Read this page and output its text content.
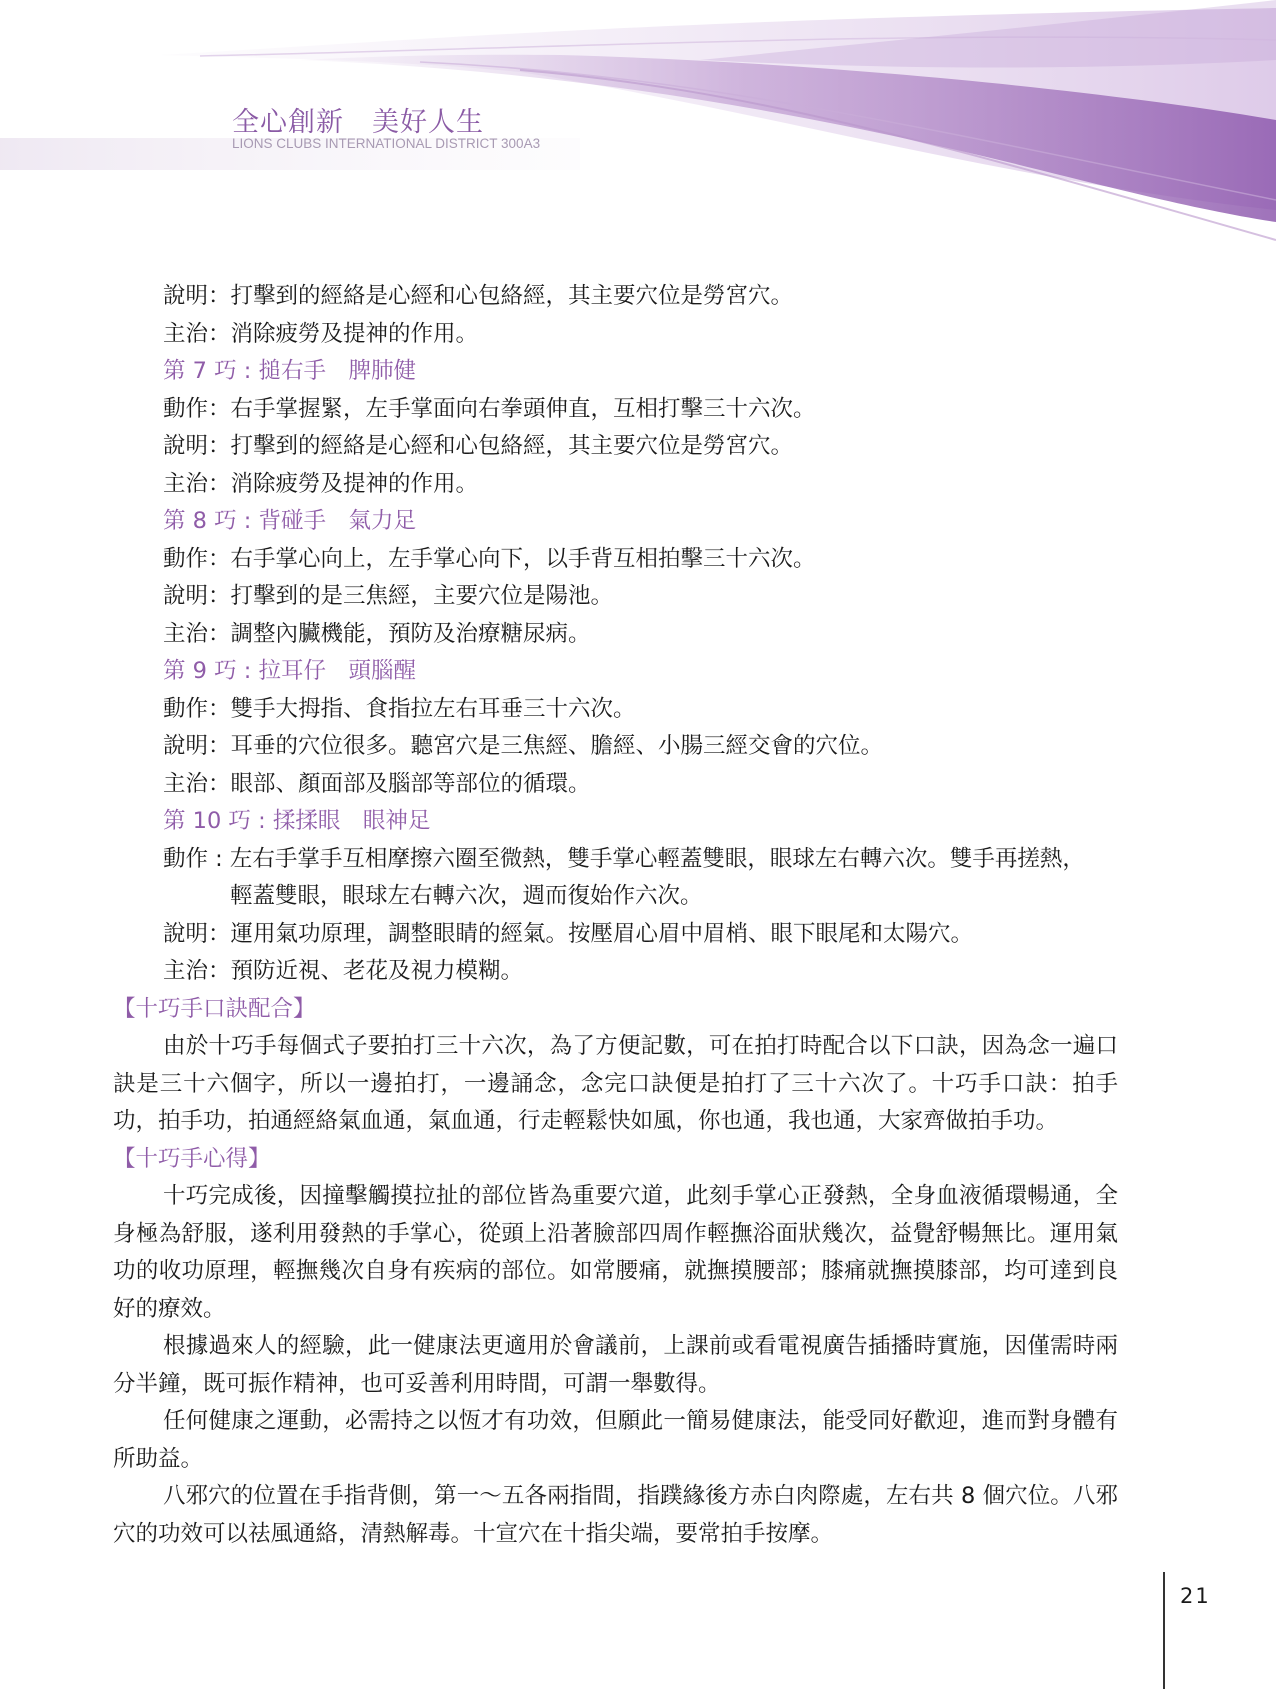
全心創新　美好人生
LIONS CLUBS INTERNATIONAL DISTRICT 300A3
說明：打擊到的經絡是心經和心包絡經，其主要穴位是勞宮穴。
主治：消除疲勞及提神的作用。
第 7 巧 : 搥右手　脾肺健
動作：右手掌握緊，左手掌面向右拳頭伸直，互相打擊三十六次。
說明：打擊到的經絡是心經和心包絡經，其主要穴位是勞宮穴。
主治：消除疲勞及提神的作用。
第 8 巧 : 背碰手　氣力足
動作：右手掌心向上，左手掌心向下，以手背互相拍擊三十六次。
說明：打擊到的是三焦經，主要穴位是陽池。
主治：調整內臟機能，預防及治療糖尿病。
第 9 巧 : 拉耳仔　頭腦醒
動作：雙手大拇指、食指拉左右耳垂三十六次。
說明：耳垂的穴位很多。聽宮穴是三焦經、膽經、小腸三經交會的穴位。
主治：眼部、顏面部及腦部等部位的循環。
第 10 巧 : 揉揉眼　眼神足
動作 : 左右手掌手互相摩擦六圈至微熱，雙手掌心輕蓋雙眼，眼球左右轉六次。雙手再搓熱，
輕蓋雙眼，眼球左右轉六次，週而復始作六次。
說明：運用氣功原理，調整眼睛的經氣。按壓眉心眉中眉梢、眼下眼尾和太陽穴。
主治：預防近視、老花及視力模糊。
【十巧手口訣配合】
由於十巧手每個式子要拍打三十六次，為了方便記數，可在拍打時配合以下口訣，因為念一遍口訣是三十六個字，所以一邊拍打，一邊誦念，念完口訣便是拍打了三十六次了。十巧手口訣：拍手功，拍手功，拍通經絡氣血通，氣血通，行走輕鬆快如風，你也通，我也通，大家齊做拍手功。
【十巧手心得】
十巧完成後，因撞擊觸摸拉扯的部位皆為重要穴道，此刻手掌心正發熱，全身血液循環暢通，全身極為舒服，遂利用發熱的手掌心，從頭上沿著臉部四周作輕撫浴面狀幾次，益覺舒暢無比。運用氣功的收功原理，輕撫幾次自身有疾病的部位。如常腰痛，就撫摸腰部；膝痛就撫摸膝部，均可達到良好的療效。
根據過來人的經驗，此一健康法更適用於會議前，上課前或看電視廣告插播時實施，因僅需時兩分半鐘，既可振作精神，也可妥善利用時間，可謂一舉數得。
任何健康之運動，必需持之以恆才有功效，但願此一簡易健康法，能受同好歡迎，進而對身體有所助益。
八邪穴的位置在手指背側，第一～五各兩指間，指蹼緣後方赤白肉際處，左右共 8 個穴位。八邪穴的功效可以祛風通絡，清熱解毒。十宣穴在十指尖端，要常拍手按摩。
21
